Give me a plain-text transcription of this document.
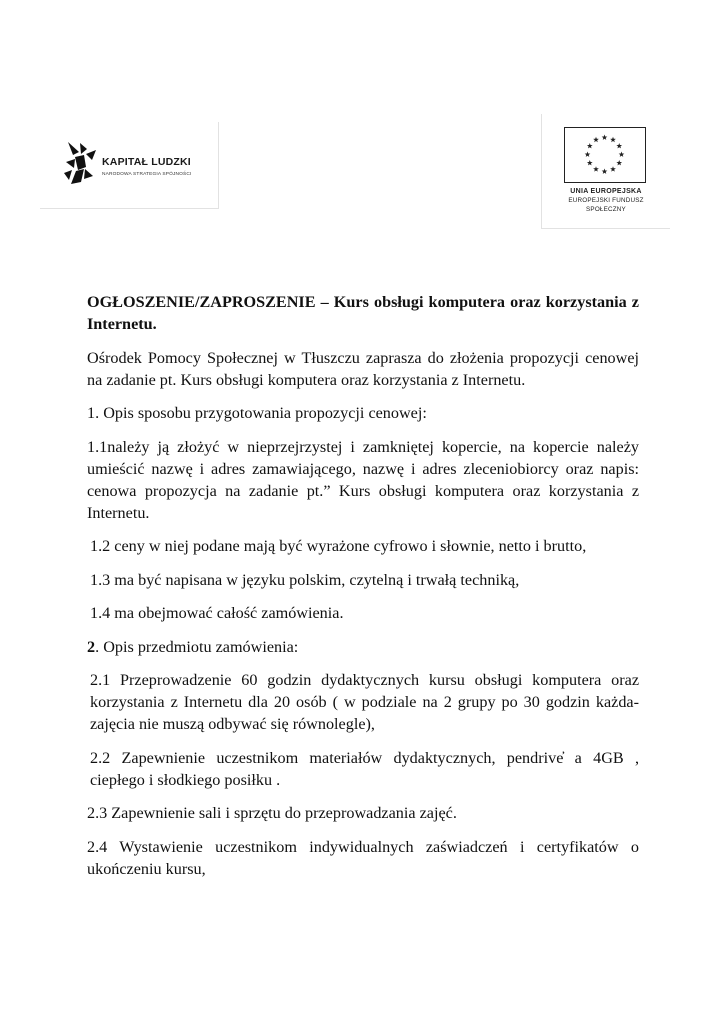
KAPITAŁ LUDZKI
NARODOWA STRATEGIA SPÓJNOŚCI
UNIA EUROPEJSKA
EUROPEJSKI FUNDUSZ
SPOŁECZNY

OGŁOSZENIE/ZAPROSZENIE – Kurs obsługi komputera oraz korzystania z Internetu.

Ośrodek Pomocy Społecznej w Tłuszczu zaprasza do złożenia propozycji cenowej na zadanie pt. Kurs obsługi komputera oraz korzystania z Internetu.

1. Opis sposobu przygotowania propozycji cenowej:

1.1należy ją złożyć w nieprzejrzystej i zamkniętej kopercie, na kopercie należy umieścić nazwę i adres zamawiającego, nazwę i adres zleceniobiorcy oraz napis: cenowa propozycja na zadanie pt.” Kurs obsługi komputera oraz korzystania z Internetu.

1.2 ceny w niej podane mają być wyrażone cyfrowo i słownie, netto i brutto,

1.3 ma być napisana w języku polskim, czytelną i trwałą techniką,

1.4 ma obejmować całość zamówienia.

2. Opis przedmiotu zamówienia:

2.1 Przeprowadzenie 60 godzin dydaktycznych kursu obsługi komputera oraz korzystania z Internetu dla 20 osób ( w podziale na 2 grupy po 30 godzin każda- zajęcia nie muszą odbywać się równolegle),

2.2 Zapewnienie uczestnikom materiałów dydaktycznych, pendrive̓ a 4GB , ciepłego i słodkiego posiłku .

2.3 Zapewnienie sali i sprzętu do przeprowadzania zajęć.

2.4 Wystawienie uczestnikom indywidualnych zaświadczeń i certyfikatów o ukończeniu kursu,
